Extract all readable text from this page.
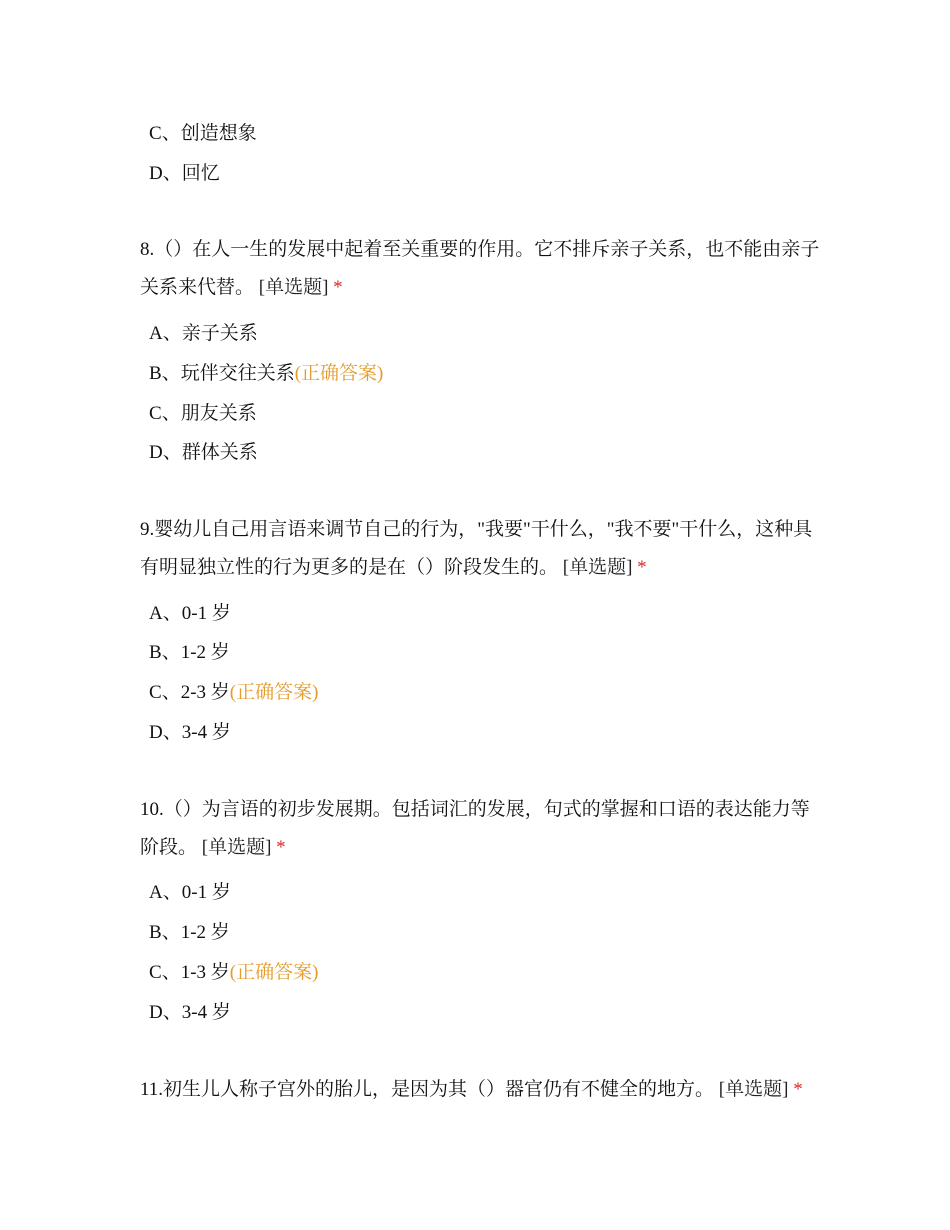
C、创造想象
D、回忆
8.（）在人一生的发展中起着至关重要的作用。它不排斥亲子关系，也不能由亲子
关系来代替。 [单选题] *
A、亲子关系
B、玩伴交往关系(正确答案)
C、朋友关系
D、群体关系
9.婴幼儿自己用言语来调节自己的行为，"我要"干什么，"我不要"干什么，这种具
有明显独立性的行为更多的是在（）阶段发生的。 [单选题] *
A、0-1 岁
B、1-2 岁
C、2-3 岁(正确答案)
D、3-4 岁
10.（）为言语的初步发展期。包括词汇的发展，句式的掌握和口语的表达能力等
阶段。 [单选题] *
A、0-1 岁
B、1-2 岁
C、1-3 岁(正确答案)
D、3-4 岁
11.初生儿人称子宫外的胎儿，是因为其（）器官仍有不健全的地方。 [单选题] *
